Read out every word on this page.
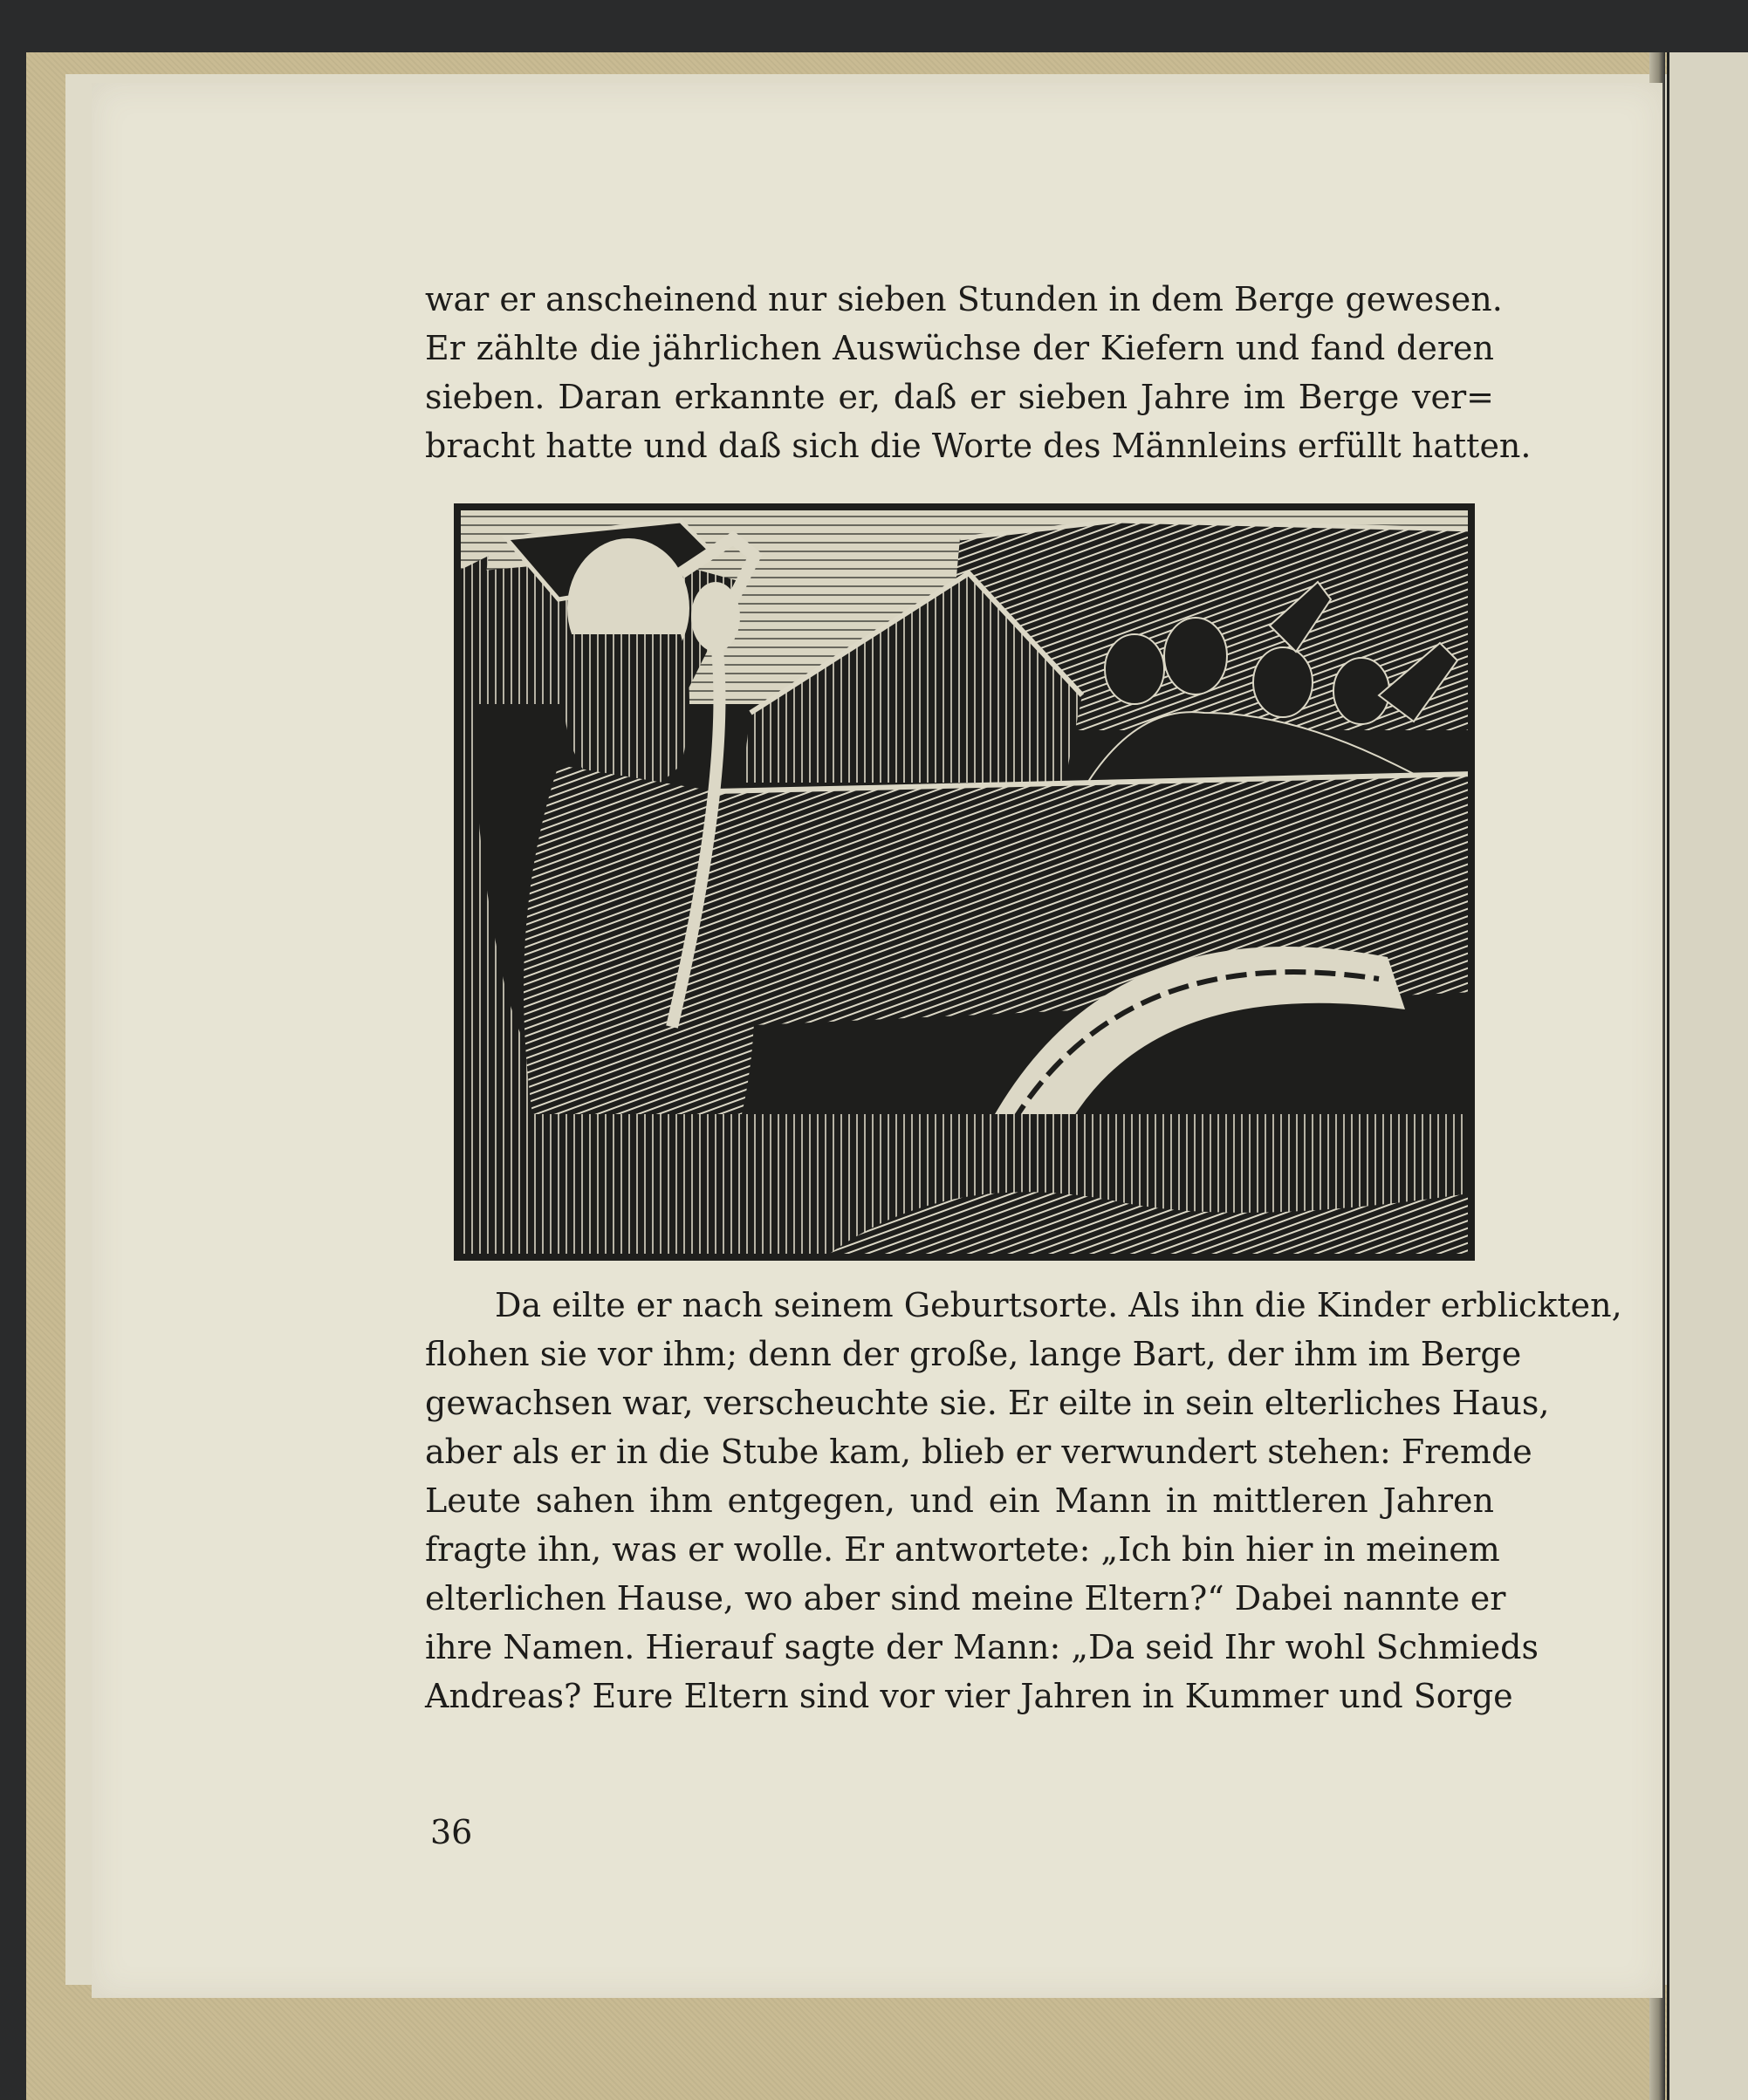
war er anscheinend nur sieben Stunden in dem Berge gewesen.
Er zählte die jährlichen Auswüchse der Kiefern und fand deren
sieben. Daran erkannte er, daß er sieben Jahre im Berge ver=
bracht hatte und daß sich die Worte des Männleins erfüllt hatten.
Da eilte er nach seinem Geburtsorte. Als ihn die Kinder erblickten,
flohen sie vor ihm; denn der große, lange Bart, der ihm im Berge
gewachsen war, verscheuchte sie. Er eilte in sein elterliches Haus,
aber als er in die Stube kam, blieb er verwundert stehen: Fremde
Leute sahen ihm entgegen, und ein Mann in mittleren Jahren
fragte ihn, was er wolle. Er antwortete: „Ich bin hier in meinem
elterlichen Hause, wo aber sind meine Eltern?“ Dabei nannte er
ihre Namen. Hierauf sagte der Mann: „Da seid Ihr wohl Schmieds
Andreas? Eure Eltern sind vor vier Jahren in Kummer und Sorge
36
